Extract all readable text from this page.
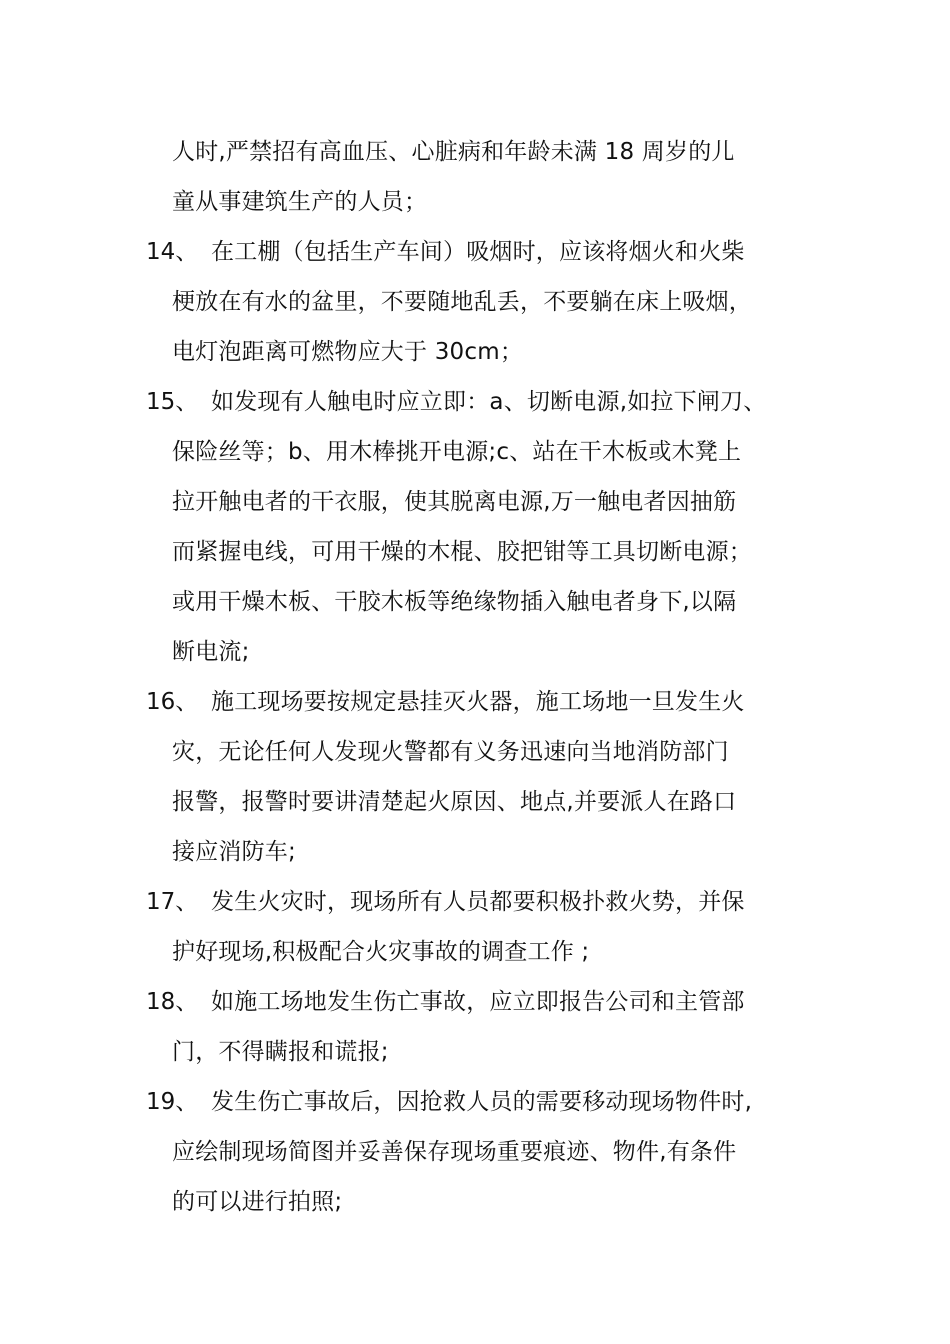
人时,严禁招有高血压、心脏病和年龄未满 18 周岁的儿
童从事建筑生产的人员；
14、 在工棚（包括生产车间）吸烟时，应该将烟火和火柴
梗放在有水的盆里，不要随地乱丢，不要躺在床上吸烟，
电灯泡距离可燃物应大于 30cm；
15、 如发现有人触电时应立即：a、切断电源,如拉下闸刀、
保险丝等；b、用木棒挑开电源;c、站在干木板或木凳上
拉开触电者的干衣服，使其脱离电源,万一触电者因抽筋
而紧握电线，可用干燥的木棍、胶把钳等工具切断电源；
或用干燥木板、干胶木板等绝缘物插入触电者身下,以隔
断电流;
16、 施工现场要按规定悬挂灭火器，施工场地一旦发生火
灾，无论任何人发现火警都有义务迅速向当地消防部门
报警，报警时要讲清楚起火原因、地点,并要派人在路口
接应消防车;
17、 发生火灾时，现场所有人员都要积极扑救火势，并保
护好现场,积极配合火灾事故的调查工作 ;
18、 如施工场地发生伤亡事故，应立即报告公司和主管部
门，不得瞒报和谎报;
19、 发生伤亡事故后，因抢救人员的需要移动现场物件时,
应绘制现场简图并妥善保存现场重要痕迹、物件,有条件
的可以进行拍照;
